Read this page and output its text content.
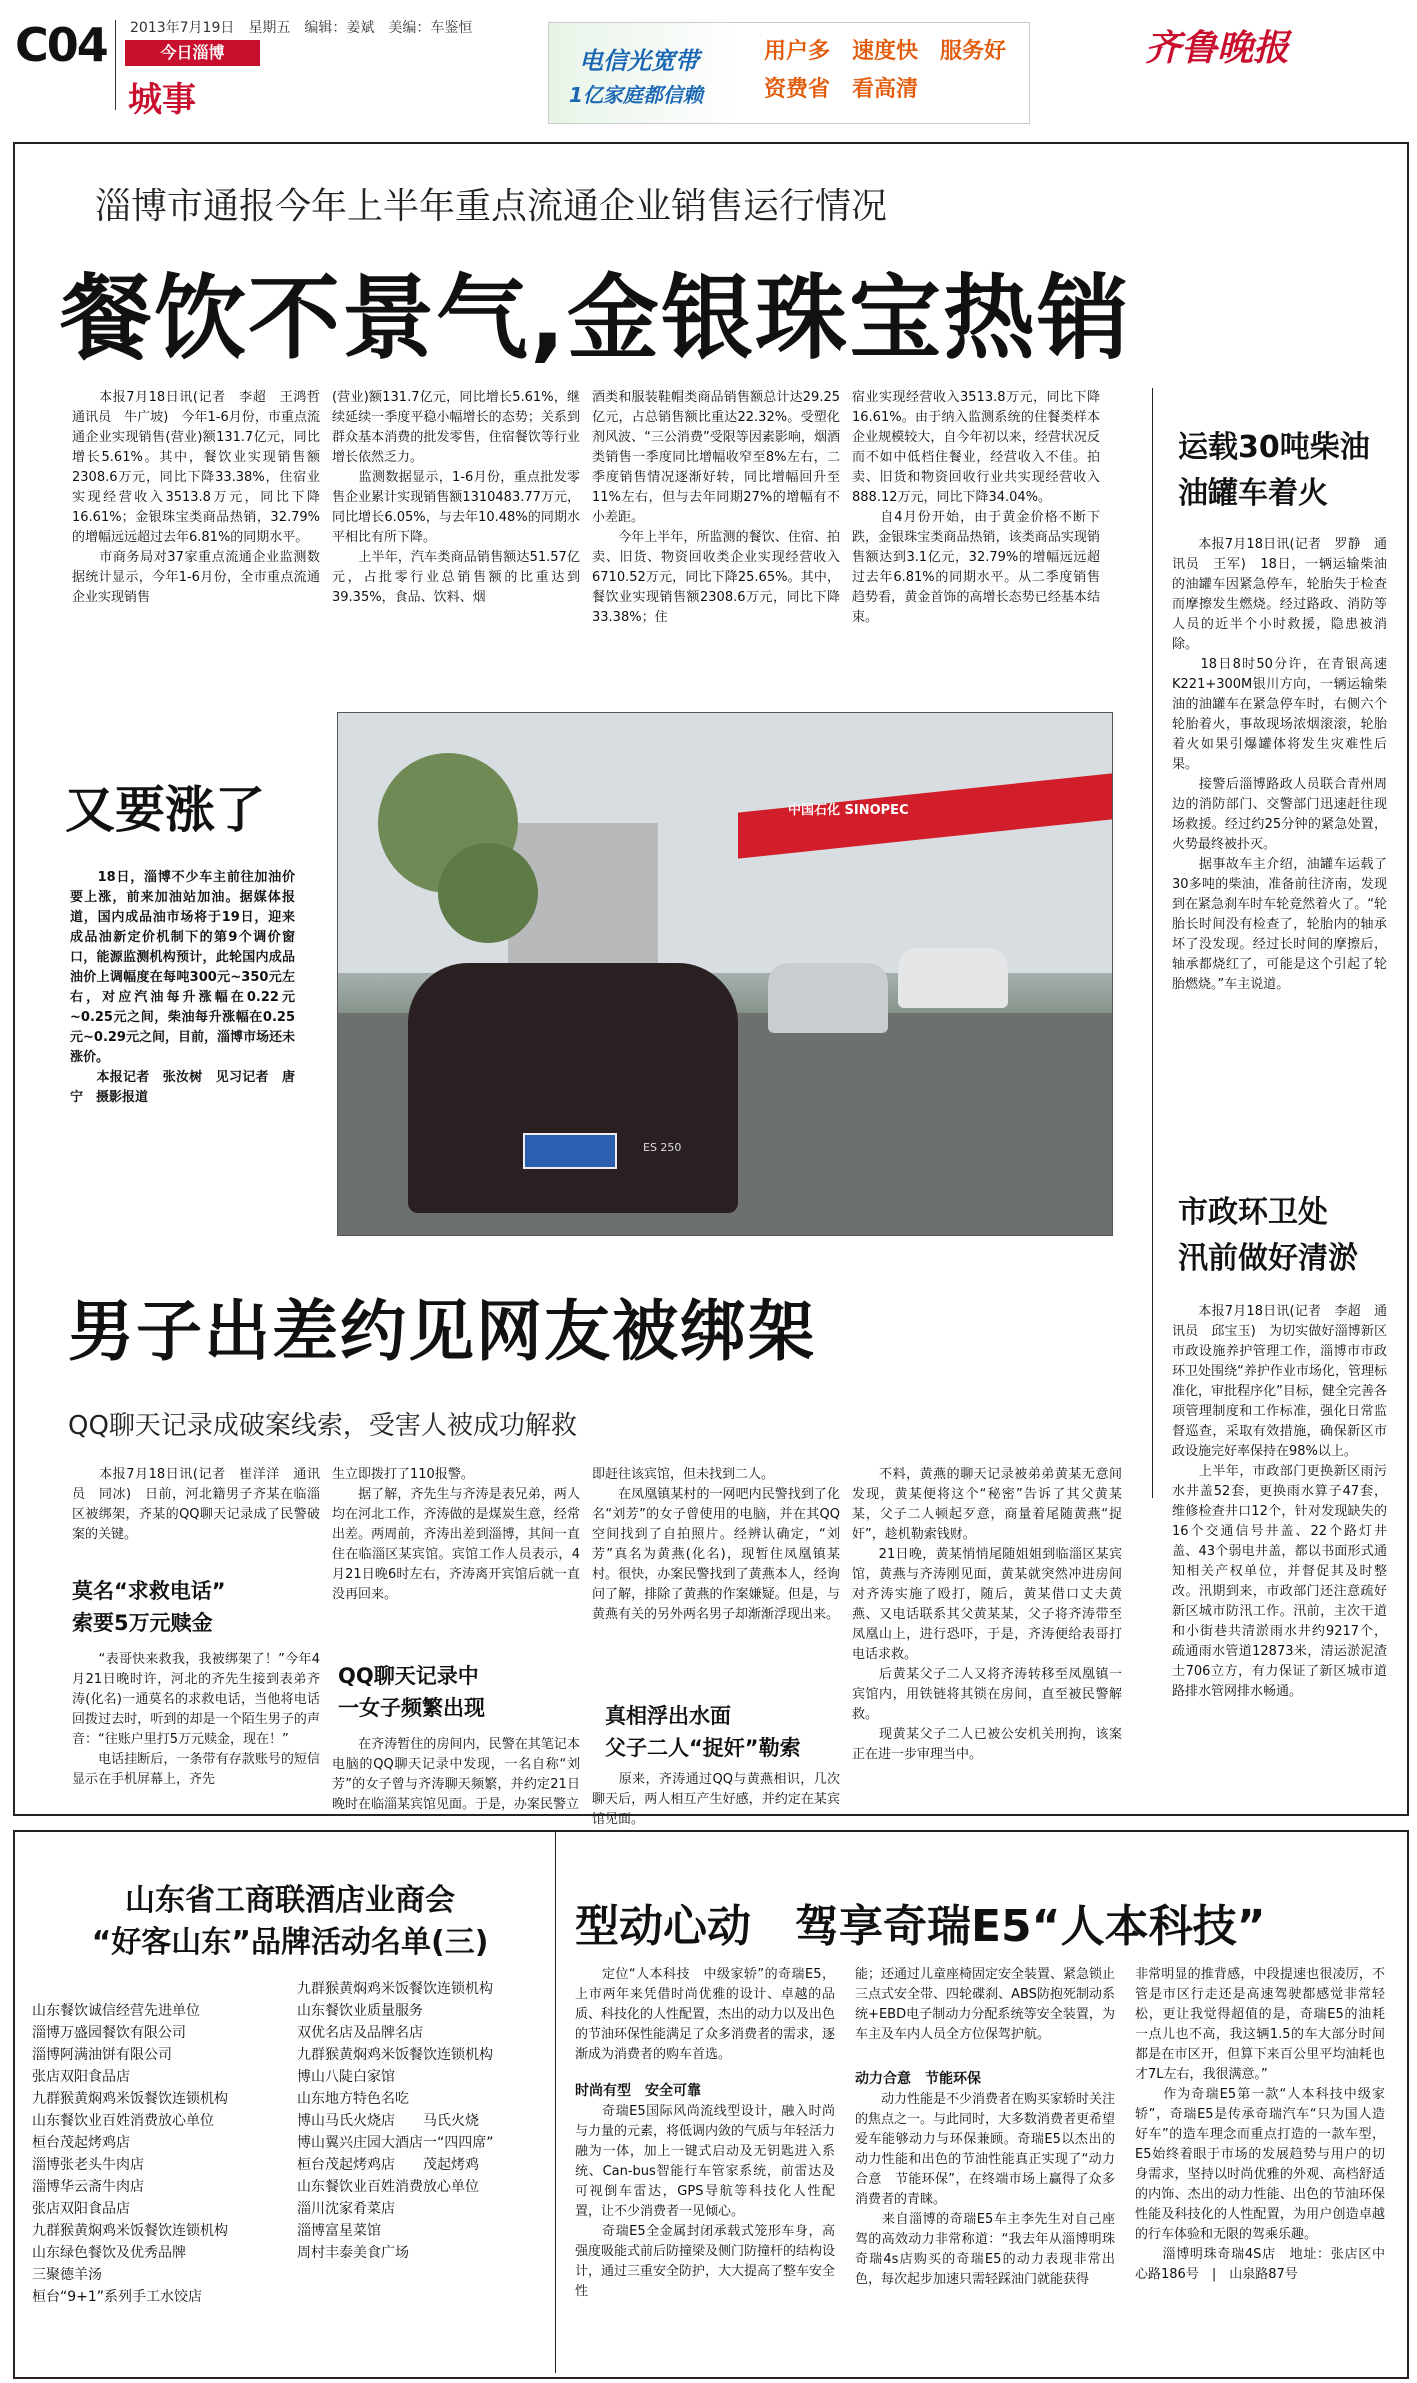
C04 2013年7月19日　星期五　编辑：姜斌　美编：车鉴恒
今日淄博
城事
电信光宽带
1亿家庭都信赖
用户多　速度快　服务好
资费省　看高清
齐鲁晚报
淄博市通报今年上半年重点流通企业销售运行情况
餐饮不景气,金银珠宝热销
　　本报7月18日讯(记者　李超　王鸿哲　通讯员　牛广坡)　今年1-6月份，市重点流通企业实现销售(营业)额131.7亿元，同比增长5.61%。其中，餐饮业实现销售额2308.6万元，同比下降33.38%，住宿业实现经营收入3513.8万元，同比下降16.61%；金银珠宝类商品热销，32.79%的增幅远远超过去年6.81%的同期水平。
　　市商务局对37家重点流通企业监测数据统计显示，今年1-6月份，全市重点流通企业实现销售
(营业)额131.7亿元，同比增长5.61%，继续延续一季度平稳小幅增长的态势；关系到群众基本消费的批发零售，住宿餐饮等行业增长依然乏力。
　　监测数据显示，1-6月份，重点批发零售企业累计实现销售额1310483.77万元，同比增长6.05%，与去年10.48%的同期水平相比有所下降。
　　上半年，汽车类商品销售额达51.57亿元，占批零行业总销售额的比重达到39.35%，食品、饮料、烟
酒类和服装鞋帽类商品销售额总计达29.25亿元，占总销售额比重达22.32%。受塑化剂风波、“三公消费”受限等因素影响，烟酒类销售一季度同比增幅收窄至8%左右，二季度销售情况逐渐好转，同比增幅回升至11%左右，但与去年同期27%的增幅有不小差距。
　　今年上半年，所监测的餐饮、住宿、拍卖、旧货、物资回收类企业实现经营收入6710.52万元，同比下降25.65%。其中，餐饮业实现销售额2308.6万元，同比下降33.38%；住
宿业实现经营收入3513.8万元，同比下降16.61%。由于纳入监测系统的住餐类样本企业规模较大，自今年初以来，经营状况反而不如中低档住餐业，经营收入不佳。拍卖、旧货和物资回收行业共实现经营收入888.12万元，同比下降34.04%。
　　自4月份开始，由于黄金价格不断下跌，金银珠宝类商品热销，该类商品实现销售额达到3.1亿元，32.79%的增幅远远超过去年6.81%的同期水平。从二季度销售趋势看，黄金首饰的高增长态势已经基本结束。
运载30吨柴油
油罐车着火
　　本报7月18日讯(记者　罗静　通讯员　王军)　18日，一辆运输柴油的油罐车因紧急停车，轮胎失于检查而摩擦发生燃烧。经过路政、消防等人员的近半个小时救援，隐患被消除。
　　18日8时50分许，在青银高速K221+300M银川方向，一辆运输柴油的油罐车在紧急停车时，右侧六个轮胎着火，事故现场浓烟滚滚，轮胎着火如果引爆罐体将发生灾难性后果。
　　接警后淄博路政人员联合青州周边的消防部门、交警部门迅速赶往现场救援。经过约25分钟的紧急处置，火势最终被扑灭。
　　据事故车主介绍，油罐车运载了30多吨的柴油，准备前往济南，发现到在紧急刹车时车轮竟然着火了。“轮胎长时间没有检查了，轮胎内的轴承坏了没发现。经过长时间的摩擦后，轴承都烧红了，可能是这个引起了轮胎燃烧。”车主说道。
市政环卫处
汛前做好清淤
　　本报7月18日讯(记者　李超　通讯员　邱宝玉)　为切实做好淄博新区市政设施养护管理工作，淄博市市政环卫处围绕“养护作业市场化，管理标准化，审批程序化”目标，健全完善各项管理制度和工作标准，强化日常监督巡查，采取有效措施，确保新区市政设施完好率保持在98%以上。
　　上半年，市政部门更换新区雨污水井盖52套，更换雨水算子47套，维修检查井口12个，针对发现缺失的16个交通信号井盖、22个路灯井盖、43个弱电井盖，都以书面形式通知相关产权单位，并督促其及时整改。汛期到来，市政部门还注意疏好新区城市防汛工作。汛前，主次干道和小街巷共清淤雨水井约9217个，疏通雨水管道12873米，清运淤泥渣土706立方，有力保证了新区城市道路排水管网排水畅通。
又要涨了
　　18日，淄博不少车主前往加油价要上涨，前来加油站加油。据媒体报道，国内成品油市场将于19日，迎来成品油新定价机制下的第9个调价窗口，能源监测机构预计，此轮国内成品油价上调幅度在每吨300元~350元左右，对应汽油每升涨幅在0.22元~0.25元之间，柴油每升涨幅在0.25元~0.29元之间，目前，淄博市场还未涨价。
　　本报记者　张汝树　见习记者　唐宁　摄影报道
中国石化 SINOPEC
ES 250
男子出差约见网友被绑架
QQ聊天记录成破案线索，受害人被成功解救
　　本报7月18日讯(记者　崔洋洋　通讯员　同冰)　日前，河北籍男子齐某在临淄区被绑架，齐某的QQ聊天记录成了民警破案的关键。
莫名“求救电话”
索要5万元赎金
　　“表哥快来救我，我被绑架了！”今年4月21日晚时许，河北的齐先生接到表弟齐涛(化名)一通莫名的求救电话，当他将电话回拨过去时，听到的却是一个陌生男子的声音：“往账户里打5万元赎金，现在！”
　　电话挂断后，一条带有存款账号的短信显示在手机屏幕上，齐先
生立即拨打了110报警。
　　据了解，齐先生与齐涛是表兄弟，两人均在河北工作，齐涛做的是煤炭生意，经常出差。两周前，齐涛出差到淄博，其间一直住在临淄区某宾馆。宾馆工作人员表示，4月21日晚6时左右，齐涛离开宾馆后就一直没再回来。
QQ聊天记录中
一女子频繁出现
　　在齐涛暂住的房间内，民警在其笔记本电脑的QQ聊天记录中发现，一名自称“刘芳”的女子曾与齐涛聊天频繁，并约定21日晚时在临淄某宾馆见面。于是，办案民警立
即赶往该宾馆，但未找到二人。
　　在凤凰镇某村的一网吧内民警找到了化名“刘芳”的女子曾使用的电脑，并在其QQ空间找到了自拍照片。经辨认确定，“刘芳”真名为黄燕(化名)，现暂住凤凰镇某村。很快，办案民警找到了黄燕本人，经询问了解，排除了黄燕的作案嫌疑。但是，与黄燕有关的另外两名男子却渐渐浮现出来。
真相浮出水面
父子二人“捉奸”勒索
　　原来，齐涛通过QQ与黄燕相识，几次聊天后，两人相互产生好感，并约定在某宾馆见面。
　　不料，黄燕的聊天记录被弟弟黄某无意间发现，黄某便将这个“秘密”告诉了其父黄某某，父子二人顿起歹意，商量着尾随黄燕“捉奸”，趁机勒索钱财。
　　21日晚，黄某悄悄尾随姐姐到临淄区某宾馆，黄燕与齐涛刚见面，黄某就突然冲进房间对齐涛实施了殴打，随后，黄某借口丈夫黄燕、又电话联系其父黄某某，父子将齐涛带至凤凰山上，进行恐吓，于是，齐涛便给表哥打电话求救。
　　后黄某父子二人又将齐涛转移至凤凰镇一宾馆内，用铁链将其锁在房间，直至被民警解救。
　　现黄某父子二人已被公安机关刑拘，该案正在进一步审理当中。
山东省工商联酒店业商会
“好客山东”品牌活动名单(三)
山东餐饮诚信经营先进单位
淄博万盛园餐饮有限公司
淄博阿满油饼有限公司
张店双阳食品店
九群猴黄焖鸡米饭餐饮连锁机构
山东餐饮业百姓消费放心单位
桓台茂起烤鸡店
淄博张老头牛肉店
淄博华云斋牛肉店
张店双阳食品店
九群猴黄焖鸡米饭餐饮连锁机构
山东绿色餐饮及优秀品牌
三聚德羊汤
桓台“9+1”系列手工水饺店
九群猴黄焖鸡米饭餐饮连锁机构
山东餐饮业质量服务
双优名店及品牌名店
九群猴黄焖鸡米饭餐饮连锁机构
博山八陡白家馆
山东地方特色名吃
博山马氏火烧店　　马氏火烧
博山翼兴庄园大酒店一“四四席”
桓台茂起烤鸡店　　茂起烤鸡
山东餐饮业百姓消费放心单位
淄川沈家肴菜店
淄博富星菜馆
周村丰泰美食广场
型动心动　驾享奇瑞E5“人本科技”
　　定位“人本科技　中级家轿”的奇瑞E5，上市两年来凭借时尚优雅的设计、卓越的品质、科技化的人性配置，杰出的动力以及出色的节油环保性能满足了众多消费者的需求，逐渐成为消费者的购车首选。
时尚有型　安全可靠
　　奇瑞E5国际风尚流线型设计，融入时尚与力量的元素，将低调内敛的气质与年轻活力融为一体，加上一键式启动及无钥匙进入系统、Can-bus智能行车管家系统，前雷达及可视倒车雷达，GPS导航等科技化人性配置，让不少消费者一见倾心。
　　奇瑞E5全金属封闭承载式笼形车身，高强度吸能式前后防撞梁及侧门防撞杆的结构设计，通过三重安全防护，大大提高了整车安全性
能；还通过儿童座椅固定安全装置、紧急锁止三点式安全带、四轮碟刹、ABS防抱死制动系统+EBD电子制动力分配系统等安全装置，为车主及车内人员全方位保驾护航。
动力合意　节能环保
　　动力性能是不少消费者在购买家轿时关注的焦点之一。与此同时，大多数消费者更希望爱车能够动力与环保兼顾。奇瑞E5以杰出的动力性能和出色的节油性能真正实现了“动力合意　节能环保”，在终端市场上赢得了众多消费者的青睐。
　　来自淄博的奇瑞E5车主李先生对自己座驾的高效动力非常称道：“我去年从淄博明珠奇瑞4s店购买的奇瑞E5的动力表现非常出色，每次起步加速只需轻踩油门就能获得
非常明显的推背感，中段提速也很凌厉，不管是市区行走还是高速驾驶都感觉非常轻松，更让我觉得超值的是，奇瑞E5的油耗一点儿也不高，我这辆1.5的车大部分时间都是在市区开，但算下来百公里平均油耗也才7L左右，我很满意。”
　　作为奇瑞E5第一款“人本科技中级家轿”，奇瑞E5是传承奇瑞汽车“只为国人造好车”的造车理念而重点打造的一款车型，E5始终着眼于市场的发展趋势与用户的切身需求，坚持以时尚优雅的外观、高档舒适的内饰、杰出的动力性能、出色的节油环保性能及科技化的人性配置，为用户创造卓越的行车体验和无限的驾乘乐趣。
　　淄博明珠奇瑞4S店　地址：张店区中心路186号　|　山泉路87号
